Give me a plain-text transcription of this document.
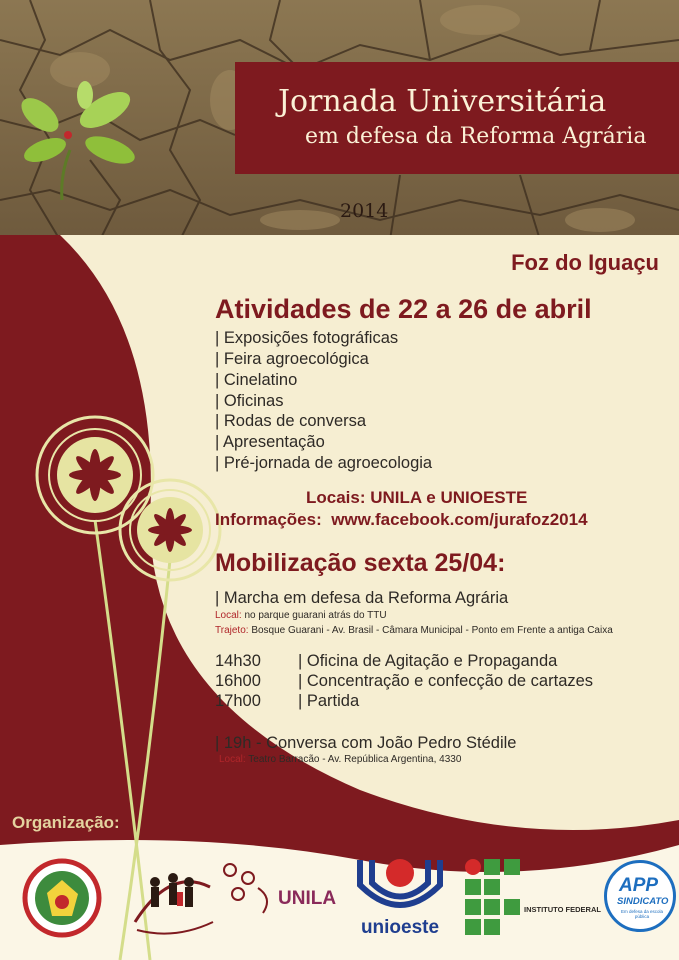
Jornada Universitária
em defesa da Reforma Agrária
2014
Foz do Iguaçu
Atividades de 22 a 26 de abril
| Exposições fotográficas
| Feira agroecológica
| Cinelatino
| Oficinas
| Rodas de conversa
| Apresentação
| Pré-jornada de agroecologia
Locais: UNILA e UNIOESTE
Informações: www.facebook.com/jurafoz2014
Mobilização sexta 25/04:
| Marcha em defesa da Reforma Agrária
Local: no parque guarani atrás do TTU
Trajeto: Bosque Guarani - Av. Brasil - Câmara Municipal - Ponto em Frente a antiga Caixa
14h30 | Oficina de Agitação e Propaganda
16h00 | Concentração e confecção de cartazes
17h00 | Partida
| 19h - Conversa com João Pedro Stédile
Local: Teatro Barracão - Av. República Argentina, 4330
Organização:
UNILA
unioeste
INSTITUTO FEDERAL
APP
SINDICATO
Em defesa da escola pública
